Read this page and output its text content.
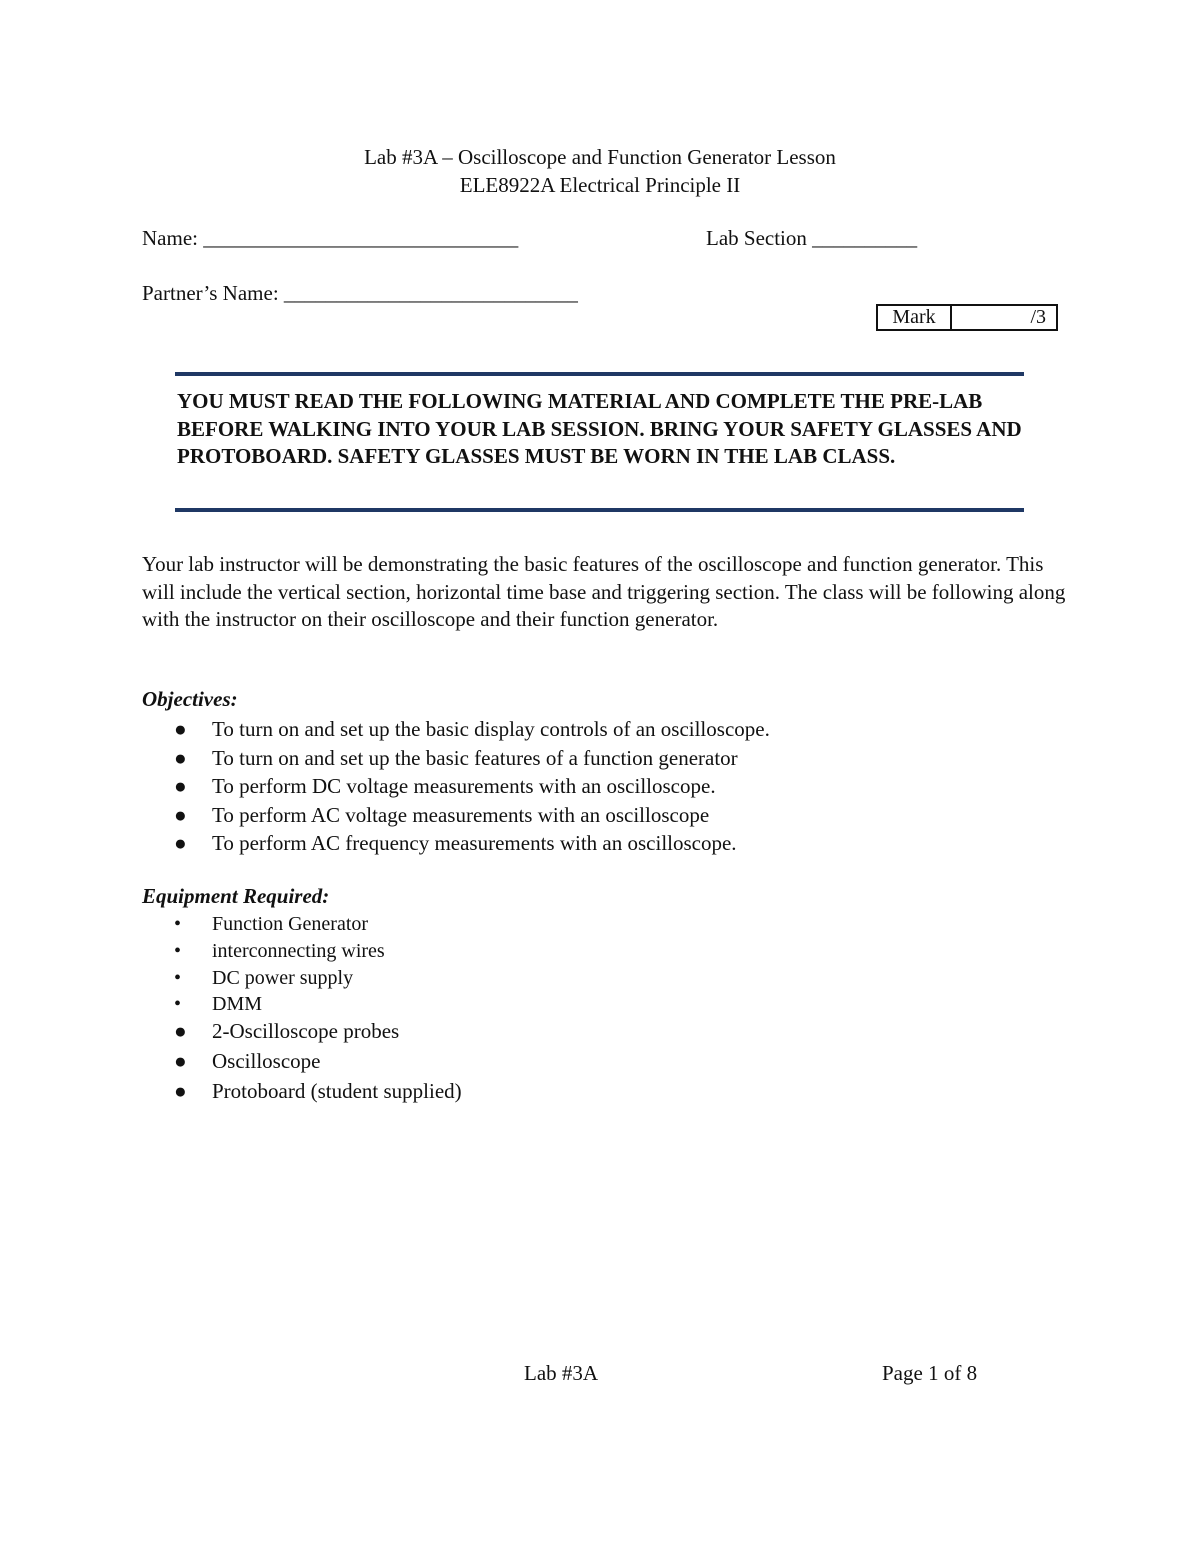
Lab #3A – Oscilloscope and Function Generator Lesson
ELE8922A Electrical Principle II
Name: ______________________________	Lab Section __________
Partner’s Name: ____________________________
Mark	/3
YOU MUST READ THE FOLLOWING MATERIAL AND COMPLETE THE PRE-LAB BEFORE WALKING INTO YOUR LAB SESSION. BRING YOUR SAFETY GLASSES AND PROTOBOARD. SAFETY GLASSES MUST BE WORN IN THE LAB CLASS.
Your lab instructor will be demonstrating the basic features of the oscilloscope and function generator. This will include the vertical section, horizontal time base and triggering section. The class will be following along with the instructor on their oscilloscope and their function generator.
Objectives:
● To turn on and set up the basic display controls of an oscilloscope.
● To turn on and set up the basic features of a function generator
● To perform DC voltage measurements with an oscilloscope.
● To perform AC voltage measurements with an oscilloscope
● To perform AC frequency measurements with an oscilloscope.
Equipment Required:
• Function Generator
• interconnecting wires
• DC power supply
• DMM
● 2-Oscilloscope probes
● Oscilloscope
● Protoboard (student supplied)
Lab #3A	Page 1 of 8
